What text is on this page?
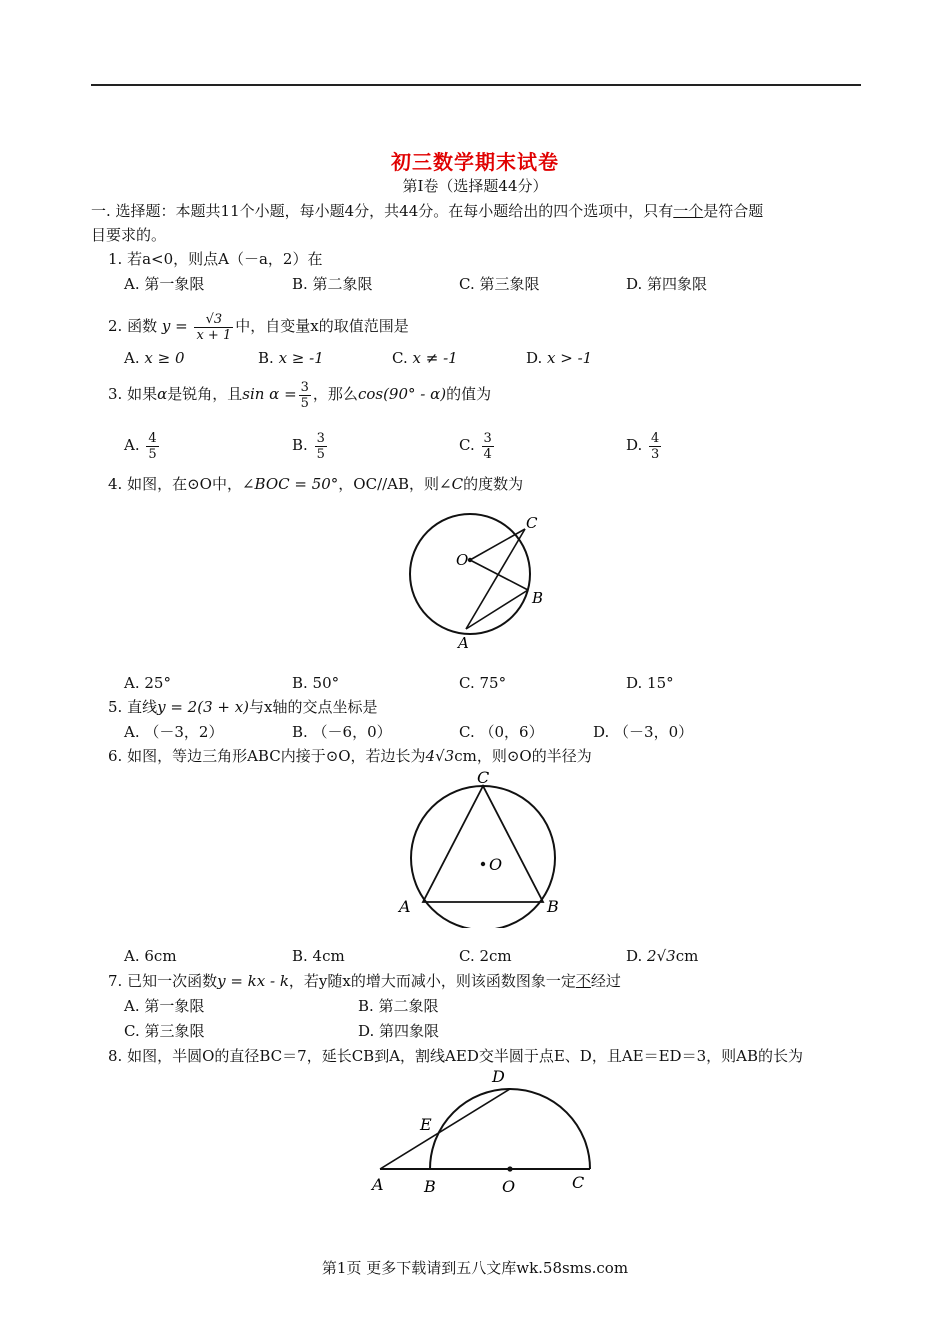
初三数学期末试卷
第Ⅰ卷（选择题44分）
一. 选择题：本题共11个小题，每小题4分，共44分。在每小题给出的四个选项中，只有一个是符合题
目要求的。
1. 若a<0，则点A（－a，2）在
A. 第一象限	B. 第二象限	C. 第三象限	D. 第四象限
2. 函数 $y = \frac{√3}{x + 1}$ 中，自变量x的取值范围是
A. x ≥ 0	B. x ≥ -1	C. x ≠ -1	D. x > -1
3. 如果α是锐角，且$\sin \alpha = \frac{3}{5}$ ，那么cos(90° - α)的值为
A. $\frac{4}{5}$	B. $\frac{3}{5}$	C. $\frac{3}{4}$	D. $\frac{4}{3}$
4. 如图，在⊙O中，∠BOC = 50°，OC//AB，则∠C的度数为
O
C
B
A
A. 25°	B. 50°	C. 75°	D. 15°
5. 直线y = 2(3 + x)与x轴的交点坐标是
A. （－3，2）	B. （－6，0）	C. （0，6）	D. （－3，0）
6. 如图，等边三角形ABC内接于⊙O，若边长为4√3cm，则⊙O的半径为
O
C
A	B
A. 6cm	B. 4cm	C. 2cm	D. 2√3cm
7. 已知一次函数y = kx - k，若y随x的增大而减小，则该函数图象一定不经过
A. 第一象限	B. 第二象限
C. 第三象限	D. 第四象限
8. 如图，半圆O的直径BC＝7，延长CB到A，割线AED交半圆于点E、D，且AE＝ED＝3，则AB的长为
A	B	O	C
D
E
第1页 更多下载请到五八文库wk.58sms.com
